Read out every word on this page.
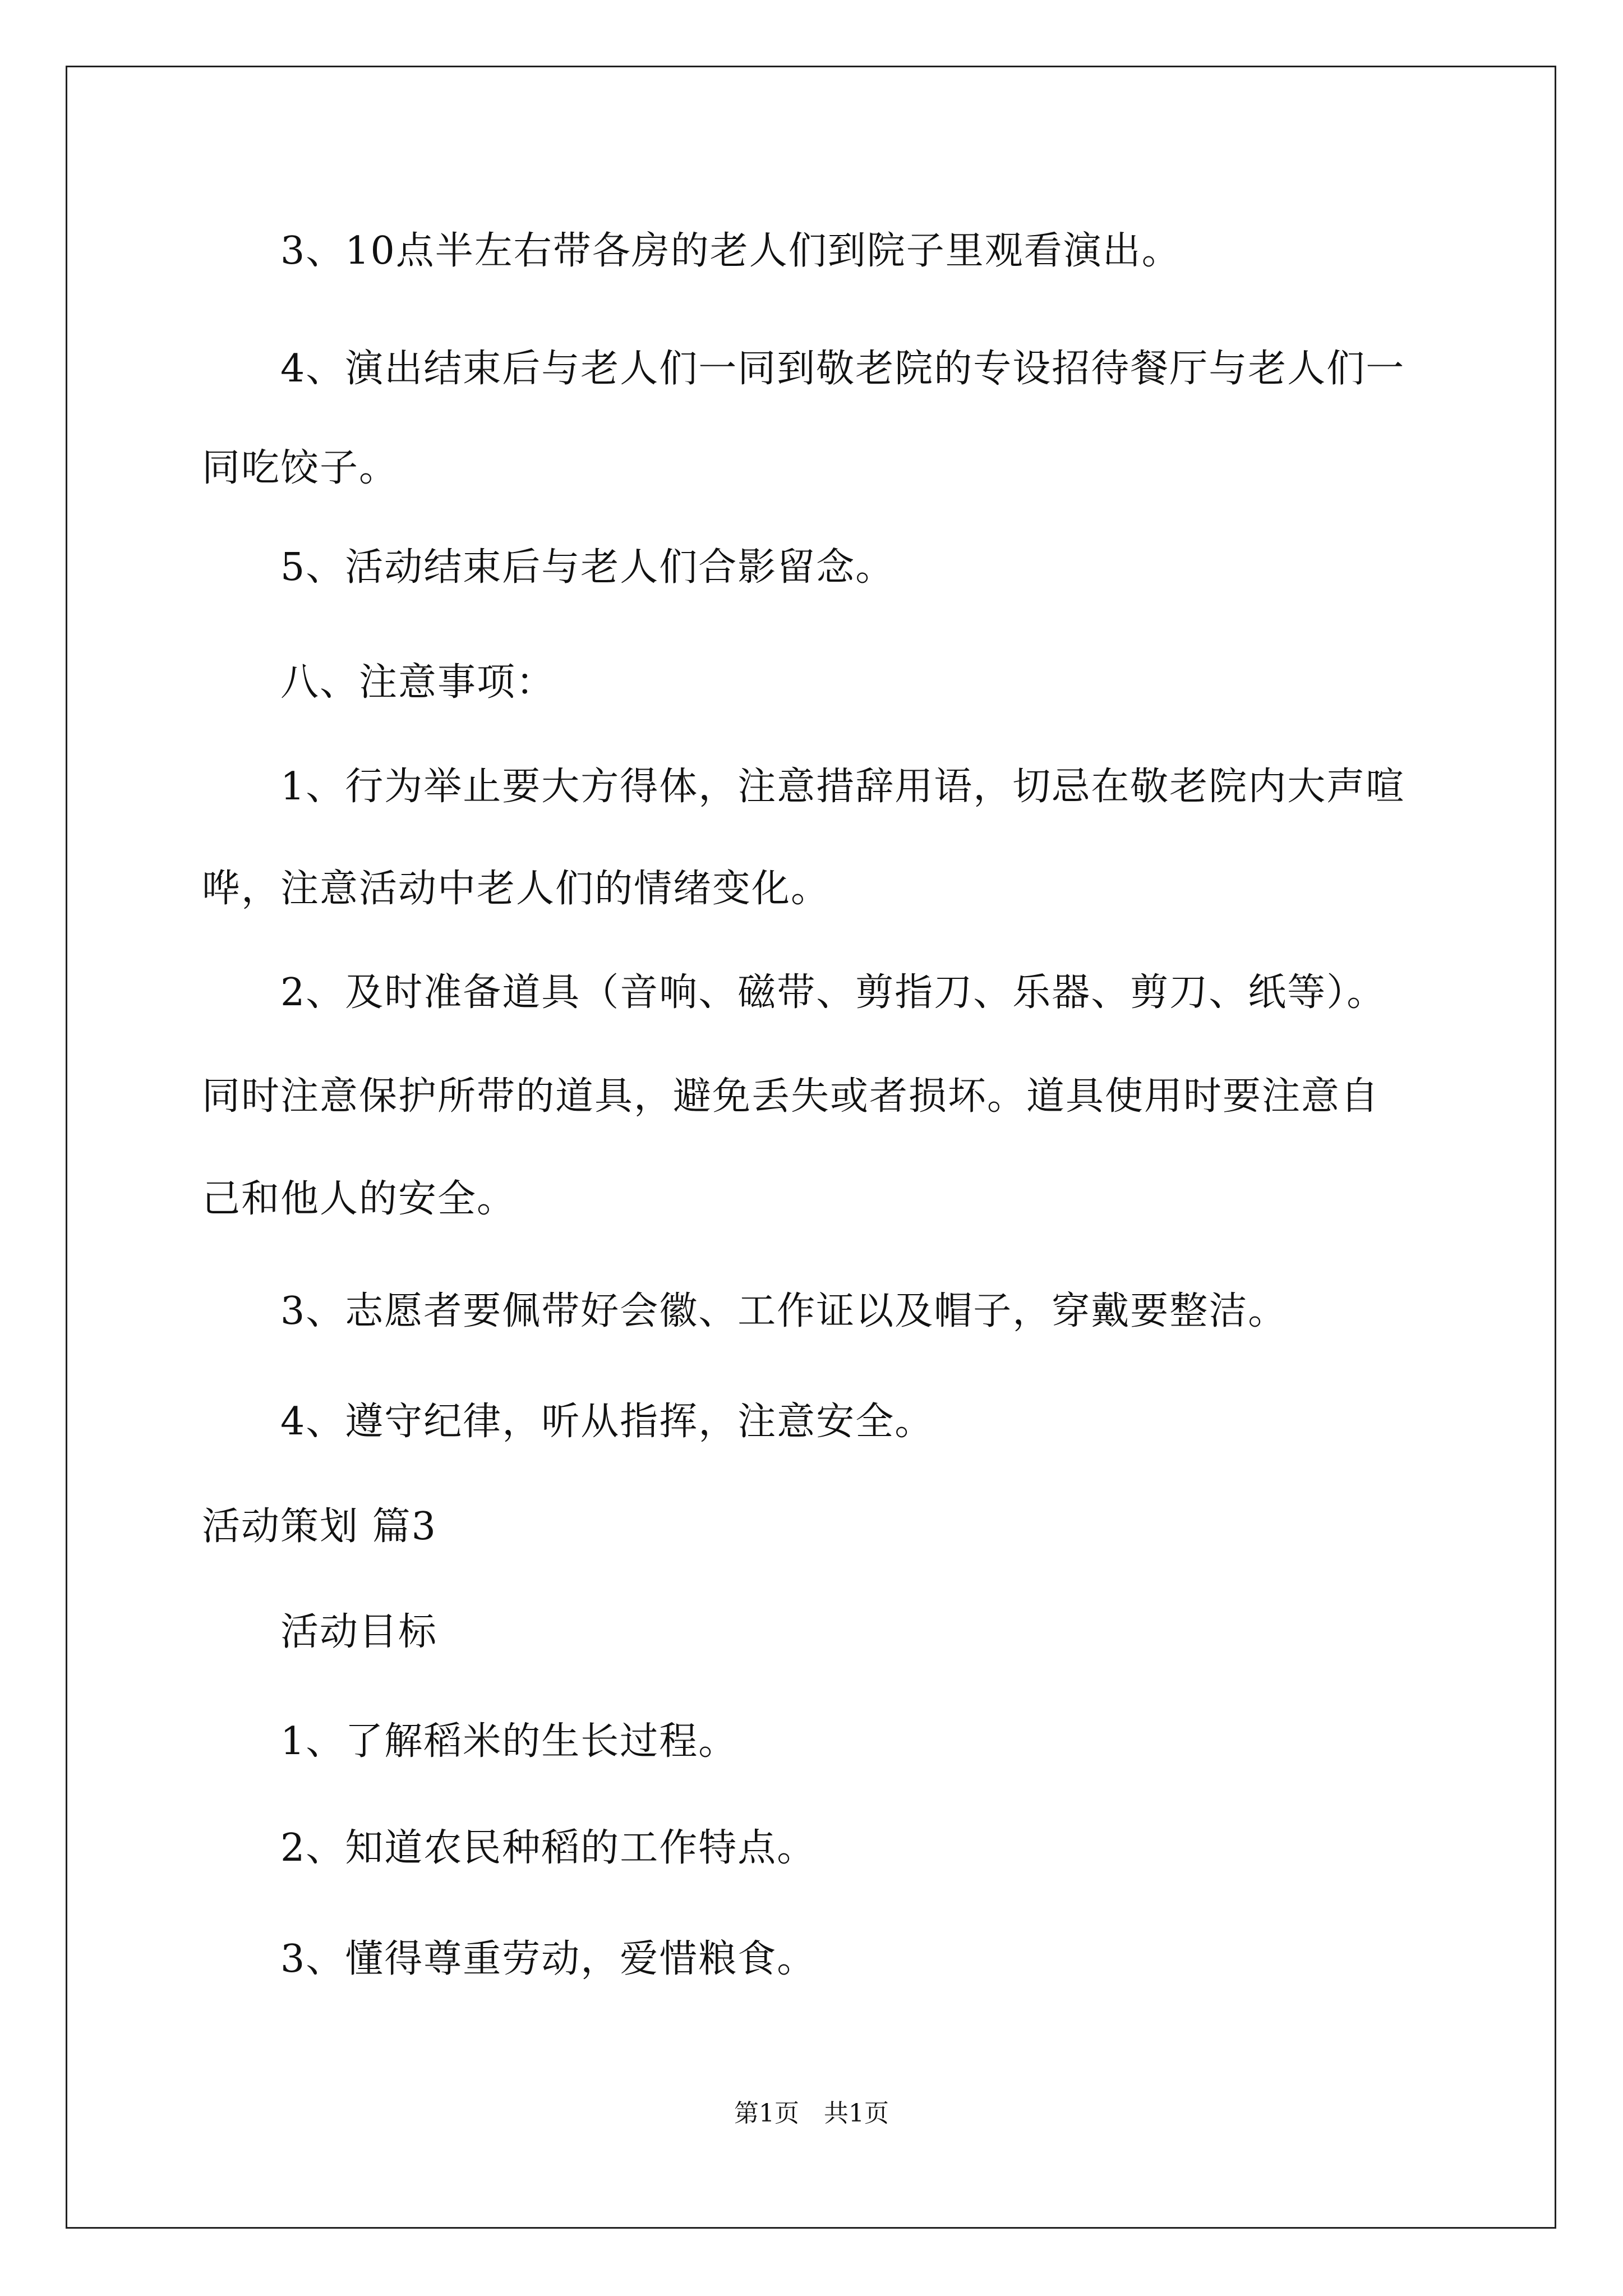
3、10点半左右带各房的老人们到院子里观看演出。
4、演出结束后与老人们一同到敬老院的专设招待餐厅与老人们一
同吃饺子。
5、活动结束后与老人们合影留念。
八、注意事项：
1、行为举止要大方得体，注意措辞用语，切忌在敬老院内大声喧
哗，注意活动中老人们的情绪变化。
2、及时准备道具（音响、磁带、剪指刀、乐器、剪刀、纸等）。
同时注意保护所带的道具，避免丢失或者损坏。道具使用时要注意自
己和他人的安全。
3、志愿者要佩带好会徽、工作证以及帽子，穿戴要整洁。
4、遵守纪律，听从指挥，注意安全。
活动策划 篇3
活动目标
1、了解稻米的生长过程。
2、知道农民种稻的工作特点。
3、懂得尊重劳动，爱惜粮食。
第1页 共1页
